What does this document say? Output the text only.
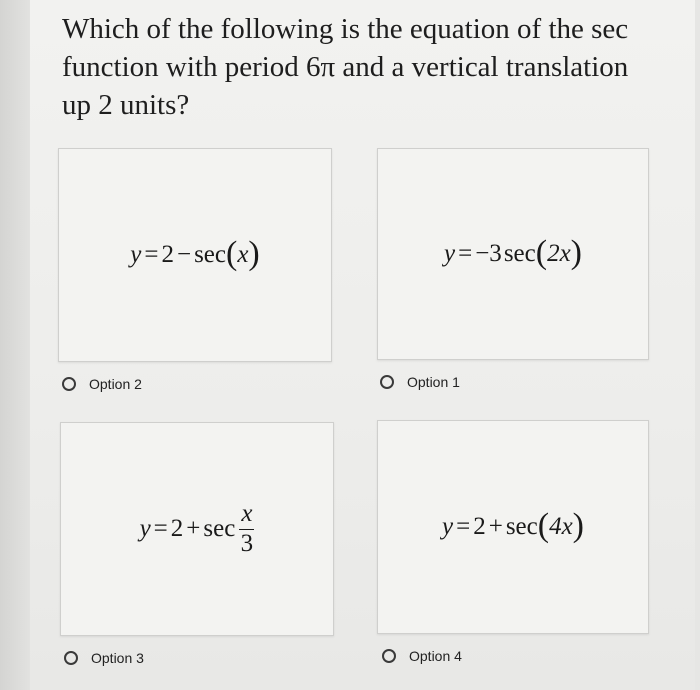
Which of the following is the equation of the sec function with period 6π and a vertical translation up 2 units?

y = 2 − sec ( x )	y = −3 sec ( 2x )
$y = 2 + \sec \frac{x}{3}$	y = 2 + sec ( 4x )
Option 2	Option 1
Option 3	Option 4
